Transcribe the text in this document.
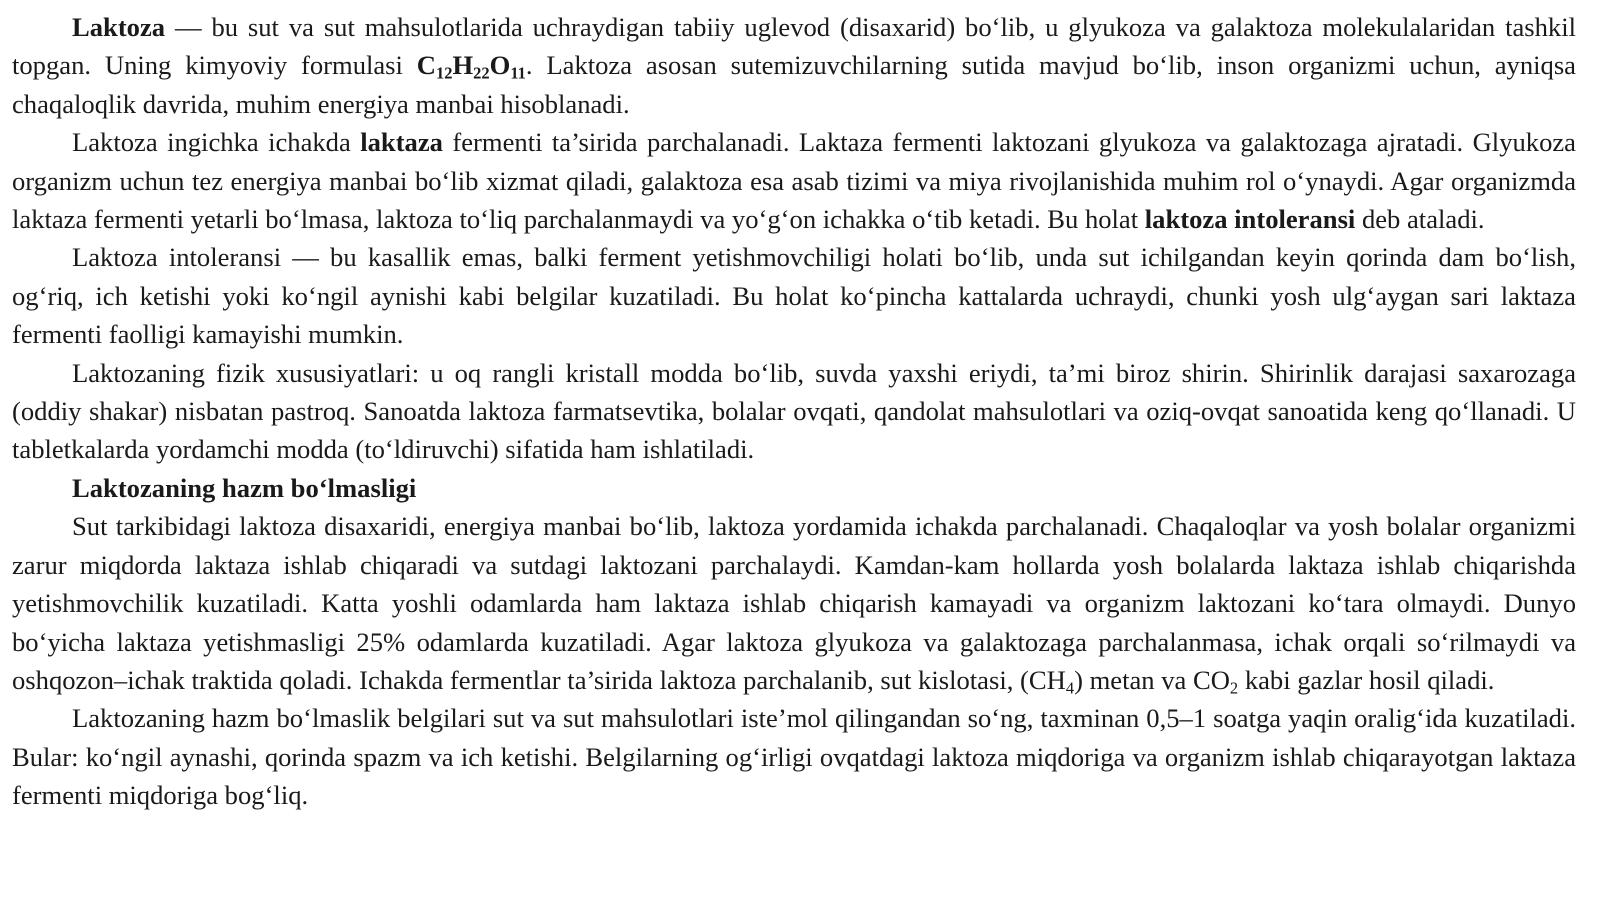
Laktoza — bu sut va sut mahsulotlarida uchraydigan tabiiy uglevod (disaxarid) bo‘lib, u glyukoza va galaktoza molekulalaridan tashkil topgan. Uning kimyoviy formulasi $C_{12}H_{22}O_{11}$. Laktoza asosan sutemizuvchilarning sutida mavjud bo‘lib, inson organizmi uchun, ayniqsa chaqaloqlik davrida, muhim energiya manbai hisoblanadi.

Laktoza ingichka ichakda laktaza fermenti ta’sirida parchalanadi. Laktaza fermenti laktozani glyukoza va galaktozaga ajratadi. Glyukoza organizm uchun tez energiya manbai bo‘lib xizmat qiladi, galaktoza esa asab tizimi va miya rivojlanishida muhim rol o‘ynaydi. Agar organizmda laktaza fermenti yetarli bo‘lmasa, laktoza to‘liq parchalanmaydi va yo‘g‘on ichakka o‘tib ketadi. Bu holat laktoza intoleransi deb ataladi.

Laktoza intoleransi — bu kasallik emas, balki ferment yetishmovchiligi holati bo‘lib, unda sut ichilgandan keyin qorinda dam bo‘lish, og‘riq, ich ketishi yoki ko‘ngil aynishi kabi belgilar kuzatiladi. Bu holat ko‘pincha kattalarda uchraydi, chunki yosh ulg‘aygan sari laktaza fermenti faolligi kamayishi mumkin.

Laktozaning fizik xususiyatlari: u oq rangli kristall modda bo‘lib, suvda yaxshi eriydi, ta’mi biroz shirin. Shirinlik darajasi saxarozaga (oddiy shakar) nisbatan pastroq. Sanoatda laktoza farmatsevtika, bolalar ovqati, qandolat mahsulotlari va oziq-ovqat sanoatida keng qo‘llanadi. U tabletkalarda yordamchi modda (to‘ldiruvchi) sifatida ham ishlatiladi.

Laktozaning hazm bo‘lmasligi

Sut tarkibidagi laktoza disaxaridi, energiya manbai bo‘lib, laktoza yordamida ichakda parchalanadi. Chaqaloqlar va yosh bolalar organizmi zarur miqdorda laktaza ishlab chiqaradi va sutdagi laktozani parchalaydi. Kamdan-kam hollarda yosh bolalarda laktaza ishlab chiqarishda yetishmovchilik kuzatiladi. Katta yoshli odamlarda ham laktaza ishlab chiqarish kamayadi va organizm laktozani ko‘tara olmaydi. Dunyo bo‘yicha laktaza yetishmasligi 25% odamlarda kuzatiladi. Agar laktoza glyukoza va galaktozaga parchalanmasa, ichak orqali so‘rilmaydi va oshqozon–ichak traktida qoladi. Ichakda fermentlar ta’sirida laktoza parchalanib, sut kislotasi, $(CH_4)$ metan va $CO_2$ kabi gazlar hosil qiladi.

Laktozaning hazm bo‘lmaslik belgilari sut va sut mahsulotlari iste’mol qilingandan so‘ng, taxminan 0,5–1 soatga yaqin oralig‘ida kuzatiladi. Bular: ko‘ngil aynashi, qorinda spazm va ich ketishi. Belgilarning og‘irligi ovqatdagi laktoza miqdoriga va organizm ishlab chiqarayotgan laktaza fermenti miqdoriga bog‘liq.
